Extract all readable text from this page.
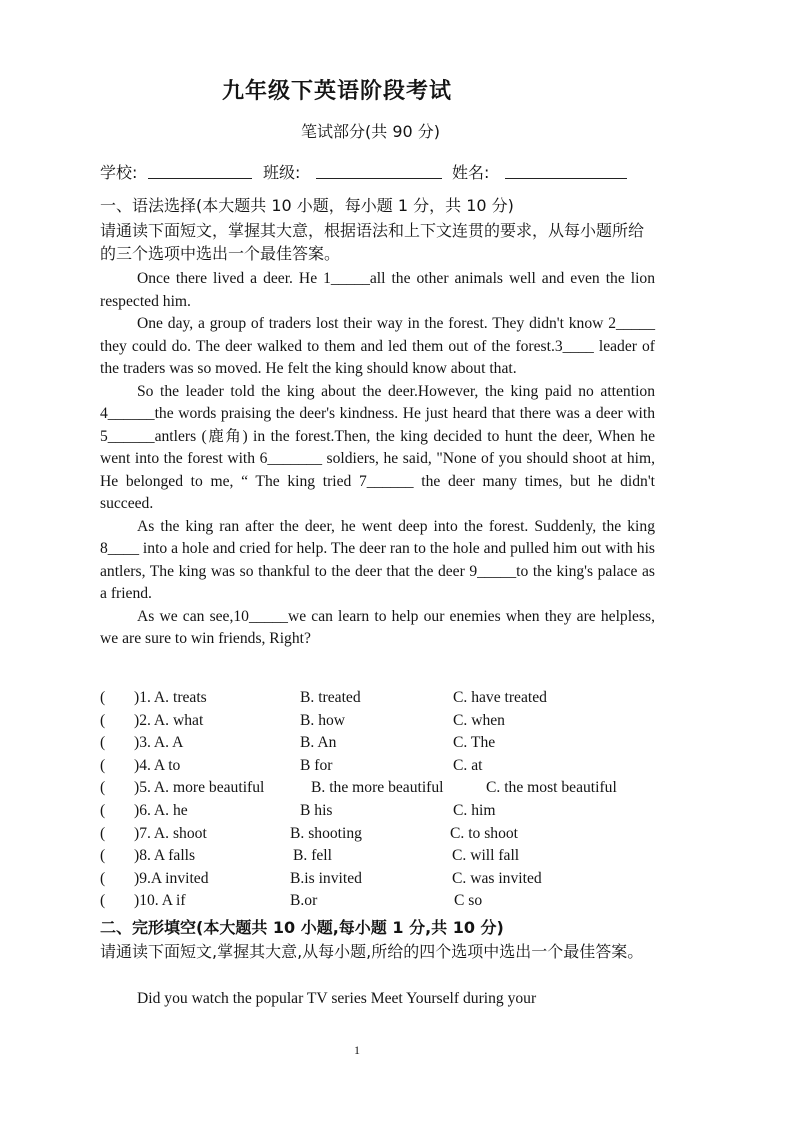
九年级下英语阶段考试
笔试部分(共 90 分)
学校:	班级:	姓名:
一、语法选择(本大题共 10 小题，每小题 1 分，共 10 分)
请通读下面短文，掌握其大意，根据语法和上下文连贯的要求，从每小题所给的三个选项中选出一个最佳答案。

Once there lived a deer. He 1_____all the other animals well and even the lion respected him.

One day, a group of traders lost their way in the forest. They didn't know 2_____ they could do. The deer walked to them and led them out of the forest.3____ leader of the traders was so moved. He felt the king should know about that.

So the leader told the king about the deer.However, the king paid no attention 4______the words praising the deer's kindness. He just heard that there was a deer with 5______antlers (鹿角) in the forest.Then, the king decided to hunt the deer, When he went into the forest with 6_______ soldiers, he said, "None of you should shoot at him, He belonged to me, “ The king tried 7______ the deer many times, but he didn't succeed.

As the king ran after the deer, he went deep into the forest. Suddenly, the king 8____ into a hole and cried for help. The deer ran to the hole and pulled him out with his antlers, The king was so thankful to the deer that the deer 9_____to the king's palace as a friend.

As we can see,10_____we can learn to help our enemies when they are helpless, we are sure to win friends, Right?

( )1. A. treats	B. treated	C. have treated
( )2. A. what	B. how	C. when
( )3. A. A	B. An	C. The
( )4. A to	B for	C. at
( )5. A. more beautiful	B. the more beautiful	C. the most beautiful
( )6. A. he	B his	C. him
( )7. A. shoot	B. shooting	C. to shoot
( )8. A falls	B. fell	C. will fall
( )9.A invited	B.is invited	C. was invited
( )10. A if	B.or	C so
二、完形填空(本大题共 10 小题,每小题 1 分,共 10 分)
请通读下面短文,掌握其大意,从每小题,所给的四个选项中选出一个最佳答案。

Did you watch the popular TV series Meet Yourself during your

1
